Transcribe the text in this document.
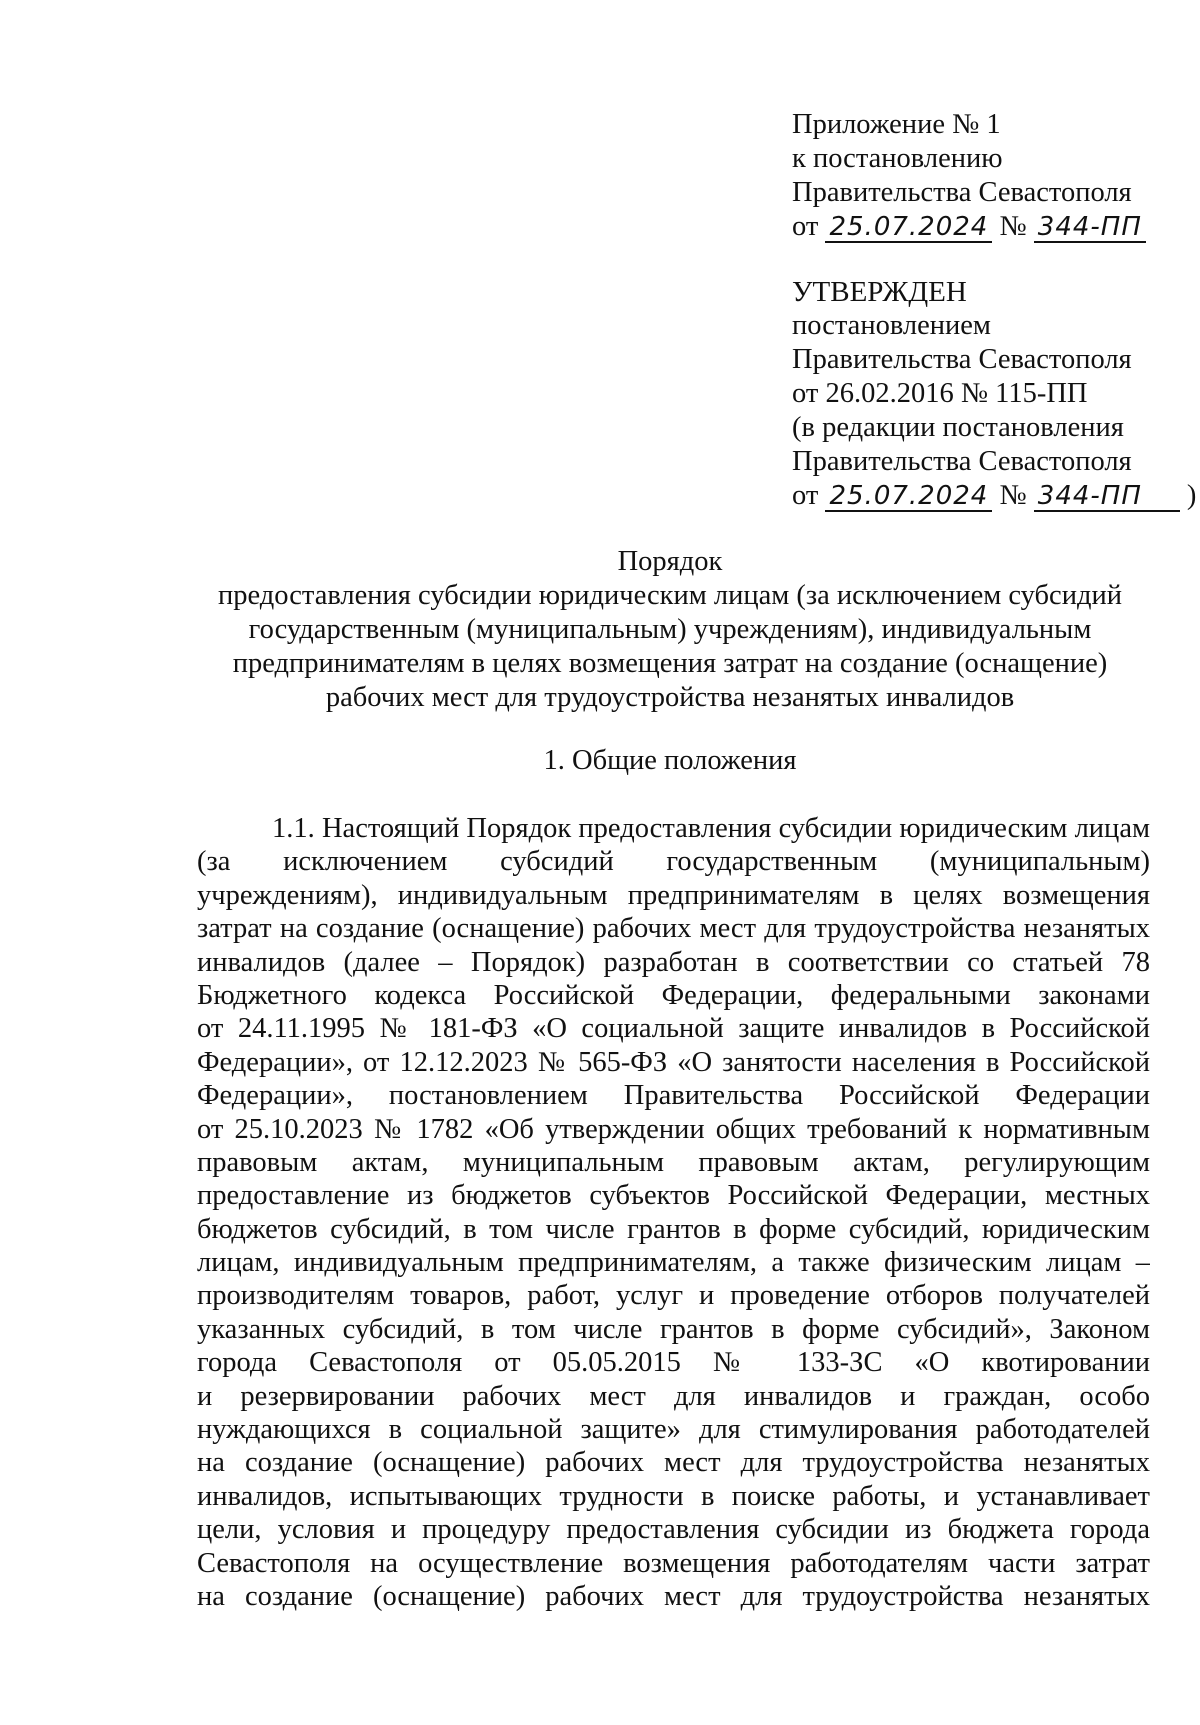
Приложение № 1
к постановлению
Правительства Севастополя
от 25.07.2024 № 344-ПП
УТВЕРЖДЕН
постановлением
Правительства Севастополя
от 26.02.2016 № 115-ПП
(в редакции постановления
Правительства Севастополя
от 25.07.2024 № 344-ПП )
Порядок
предоставления субсидии юридическим лицам (за исключением субсидий
государственным (муниципальным) учреждениям), индивидуальным
предпринимателям в целях возмещения затрат на создание (оснащение)
рабочих мест для трудоустройства незанятых инвалидов
1. Общие положения
1.1. Настоящий Порядок предоставления субсидии юридическим лицам
(за исключением субсидий государственным (муниципальным)
учреждениям), индивидуальным предпринимателям в целях возмещения
затрат на создание (оснащение) рабочих мест для трудоустройства незанятых
инвалидов (далее – Порядок) разработан в соответствии со статьей 78
Бюджетного кодекса Российской Федерации, федеральными законами
от 24.11.1995 № 181-ФЗ «О социальной защите инвалидов в Российской
Федерации», от 12.12.2023 № 565-ФЗ «О занятости населения в Российской
Федерации», постановлением Правительства Российской Федерации
от 25.10.2023 № 1782 «Об утверждении общих требований к нормативным
правовым актам, муниципальным правовым актам, регулирующим
предоставление из бюджетов субъектов Российской Федерации, местных
бюджетов субсидий, в том числе грантов в форме субсидий, юридическим
лицам, индивидуальным предпринимателям, а также физическим лицам –
производителям товаров, работ, услуг и проведение отборов получателей
указанных субсидий, в том числе грантов в форме субсидий», Законом
города Севастополя от 05.05.2015 № 133-ЗС «О квотировании
и резервировании рабочих мест для инвалидов и граждан, особо
нуждающихся в социальной защите» для стимулирования работодателей
на создание (оснащение) рабочих мест для трудоустройства незанятых
инвалидов, испытывающих трудности в поиске работы, и устанавливает
цели, условия и процедуру предоставления субсидии из бюджета города
Севастополя на осуществление возмещения работодателям части затрат
на создание (оснащение) рабочих мест для трудоустройства незанятых
